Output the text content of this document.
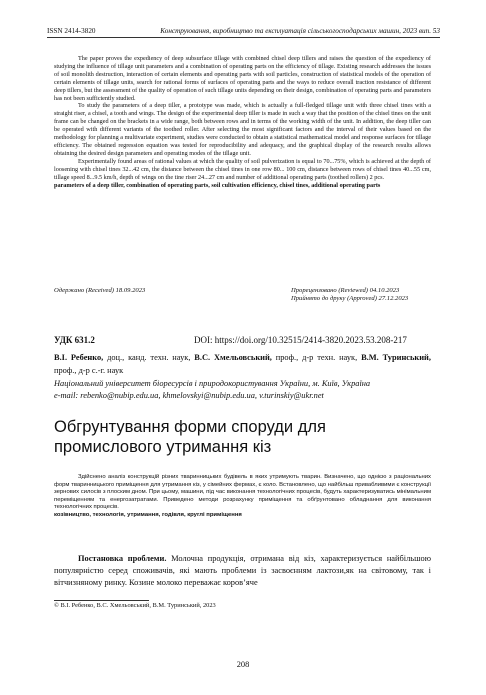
ISSN 2414-3820	Конструювання, виробництво та експлуатація сільськогосподарських машин, 2023 вип. 53

The paper proves the expediency of deep subsurface tillage with combined chisel deep tillers and raises the question of the expediency of studying the influence of tillage unit parameters and a combination of operating parts on the efficiency of tillage. Existing research addresses the issues of soil monolith destruction, interaction of certain elements and operating parts with soil particles, construction of statistical models of the operation of certain elements of tillage units, search for rational forms of surfaces of operating parts and the ways to reduce overall traction resistance of different deep tillers, but the assessment of the quality of operation of such tillage units depending on their design, combination of operating parts and parameters has not been sufficiently studied.

To study the parameters of a deep tiller, a prototype was made, which is actually a full-fledged tillage unit with three chisel tines with a straight riser, a chisel, a tooth and wings. The design of the experimental deep tiller is made in such a way that the position of the chisel tines on the unit frame can be changed on the brackets in a wide range, both between rows and in terms of the working width of the unit. In addition, the deep tiller can be operated with different variants of the toothed roller. After selecting the most significant factors and the interval of their values based on the methodology for planning a multivariate experiment, studies were conducted to obtain a statistical mathematical model and response surfaces for tillage efficiency. The obtained regression equation was tested for reproducibility and adequacy, and the graphical display of the research results allows obtaining the desired design parameters and operating modes of the tillage unit.

Experimentally found areas of rational values at which the quality of soil pulverization is equal to 70...75%, which is achieved at the depth of loosening with chisel tines 32...42 cm, the distance between the chisel tines in one row 80... 100 cm, distance between rows of chisel tines 40...55 cm, tillage speed 8...9.5 km/h, depth of wings on the tine riser 24...27 cm and number of additional operating parts (toothed rollers) 2 pcs.

parameters of a deep tiller, combination of operating parts, soil cultivation efficiency, chisel tines, additional operating parts
Одержано (Received) 18.09.2023	Прорецензовано (Reviewed) 04.10.2023
Прийнято до друку (Approved) 27.12.2023
УДК 631.2	DOI: https://doi.org/10.32515/2414-3820.2023.53.208-217

В.І. Ребенко, доц., канд. техн. наук, В.С. Хмельовський, проф., д-р техн. наук, В.М. Туринський, проф., д-р с.-г. наук

Національний університет біоресурсів і природокористування України, м. Київ, Україна

e-mail: rebenko@nubip.edu.ua, khmelovskyi@nubip.edu.ua, v.turinskiy@ukr.net

Обгрунтування форми споруди для промислового утримання кіз

Здійснено аналіз конструкцій різних тваринницьких будівель в яких утримують тварин. Визначено, що однією з раціональних форм тваринницького приміщення для утримання кіз, у сімейних фермах, є коло. Встановлено, що найбільш привабливими є конструкції зернових силосів з плоским дном. При цьому, машини, під час виконання технологічних процесів, будуть характеризуватись мінімальним переміщенням та енергозатратами. Приведено методи розрахунку приміщення та обґрунтовано обладнання для виконання технологічних процесів.

козівництво, технологія, утримання, годівля, круглі приміщення

Постановка проблеми. Молочна продукція, отримана від кіз, характеризується найбільшою популярністю серед споживачів, які мають проблеми із засвоєнням лактози,як на світовому, так і вітчизняному ринку. Козине молоко переважає коров’яче

© В.І. Ребенко, В.С. Хмельовський, В.М. Туринський, 2023
208
